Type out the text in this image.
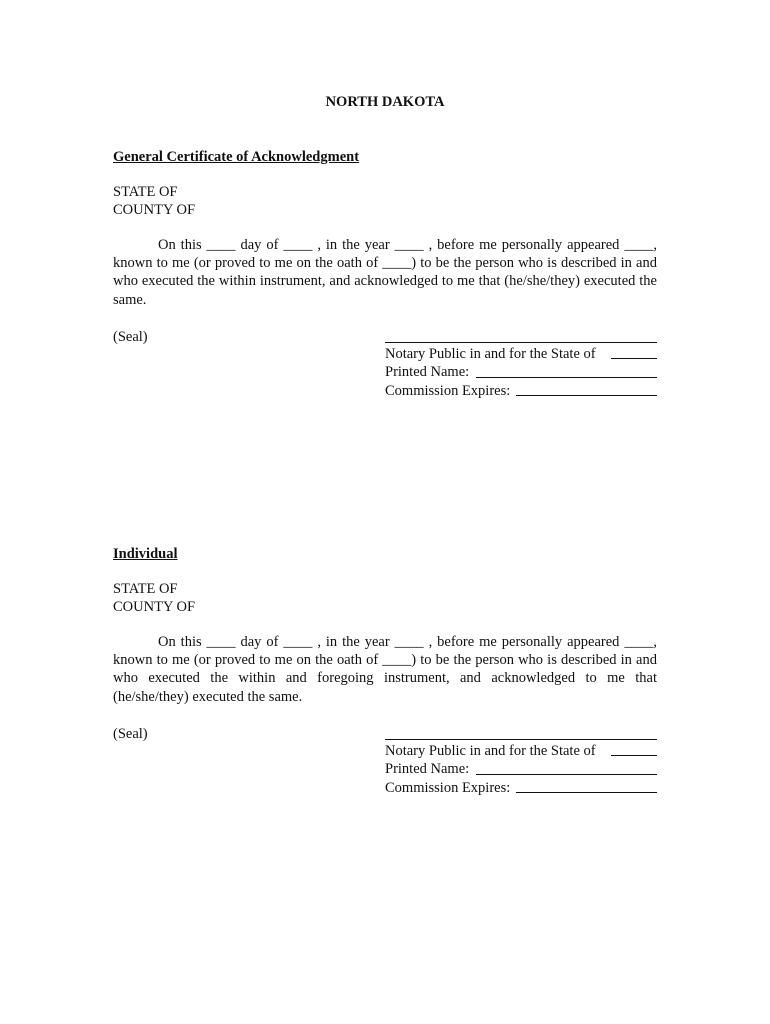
NORTH DAKOTA

General Certificate of Acknowledgment

STATE OF

COUNTY OF

On this ____ day of ____ , in the year ____ , before me personally appeared ____, known to me (or proved to me on the oath of ____) to be the person who is described in and who executed the within instrument, and acknowledged to me that (he/she/they) executed the same.

(Seal)
Notary Public in and for the State of
Printed Name:
Commission Expires:

Individual

STATE OF

COUNTY OF

On this ____ day of ____ , in the year ____ , before me personally appeared ____, known to me (or proved to me on the oath of ____) to be the person who is described in and who executed the within and foregoing instrument, and acknowledged to me that (he/she/they) executed the same.

(Seal)
Notary Public in and for the State of
Printed Name:
Commission Expires:
